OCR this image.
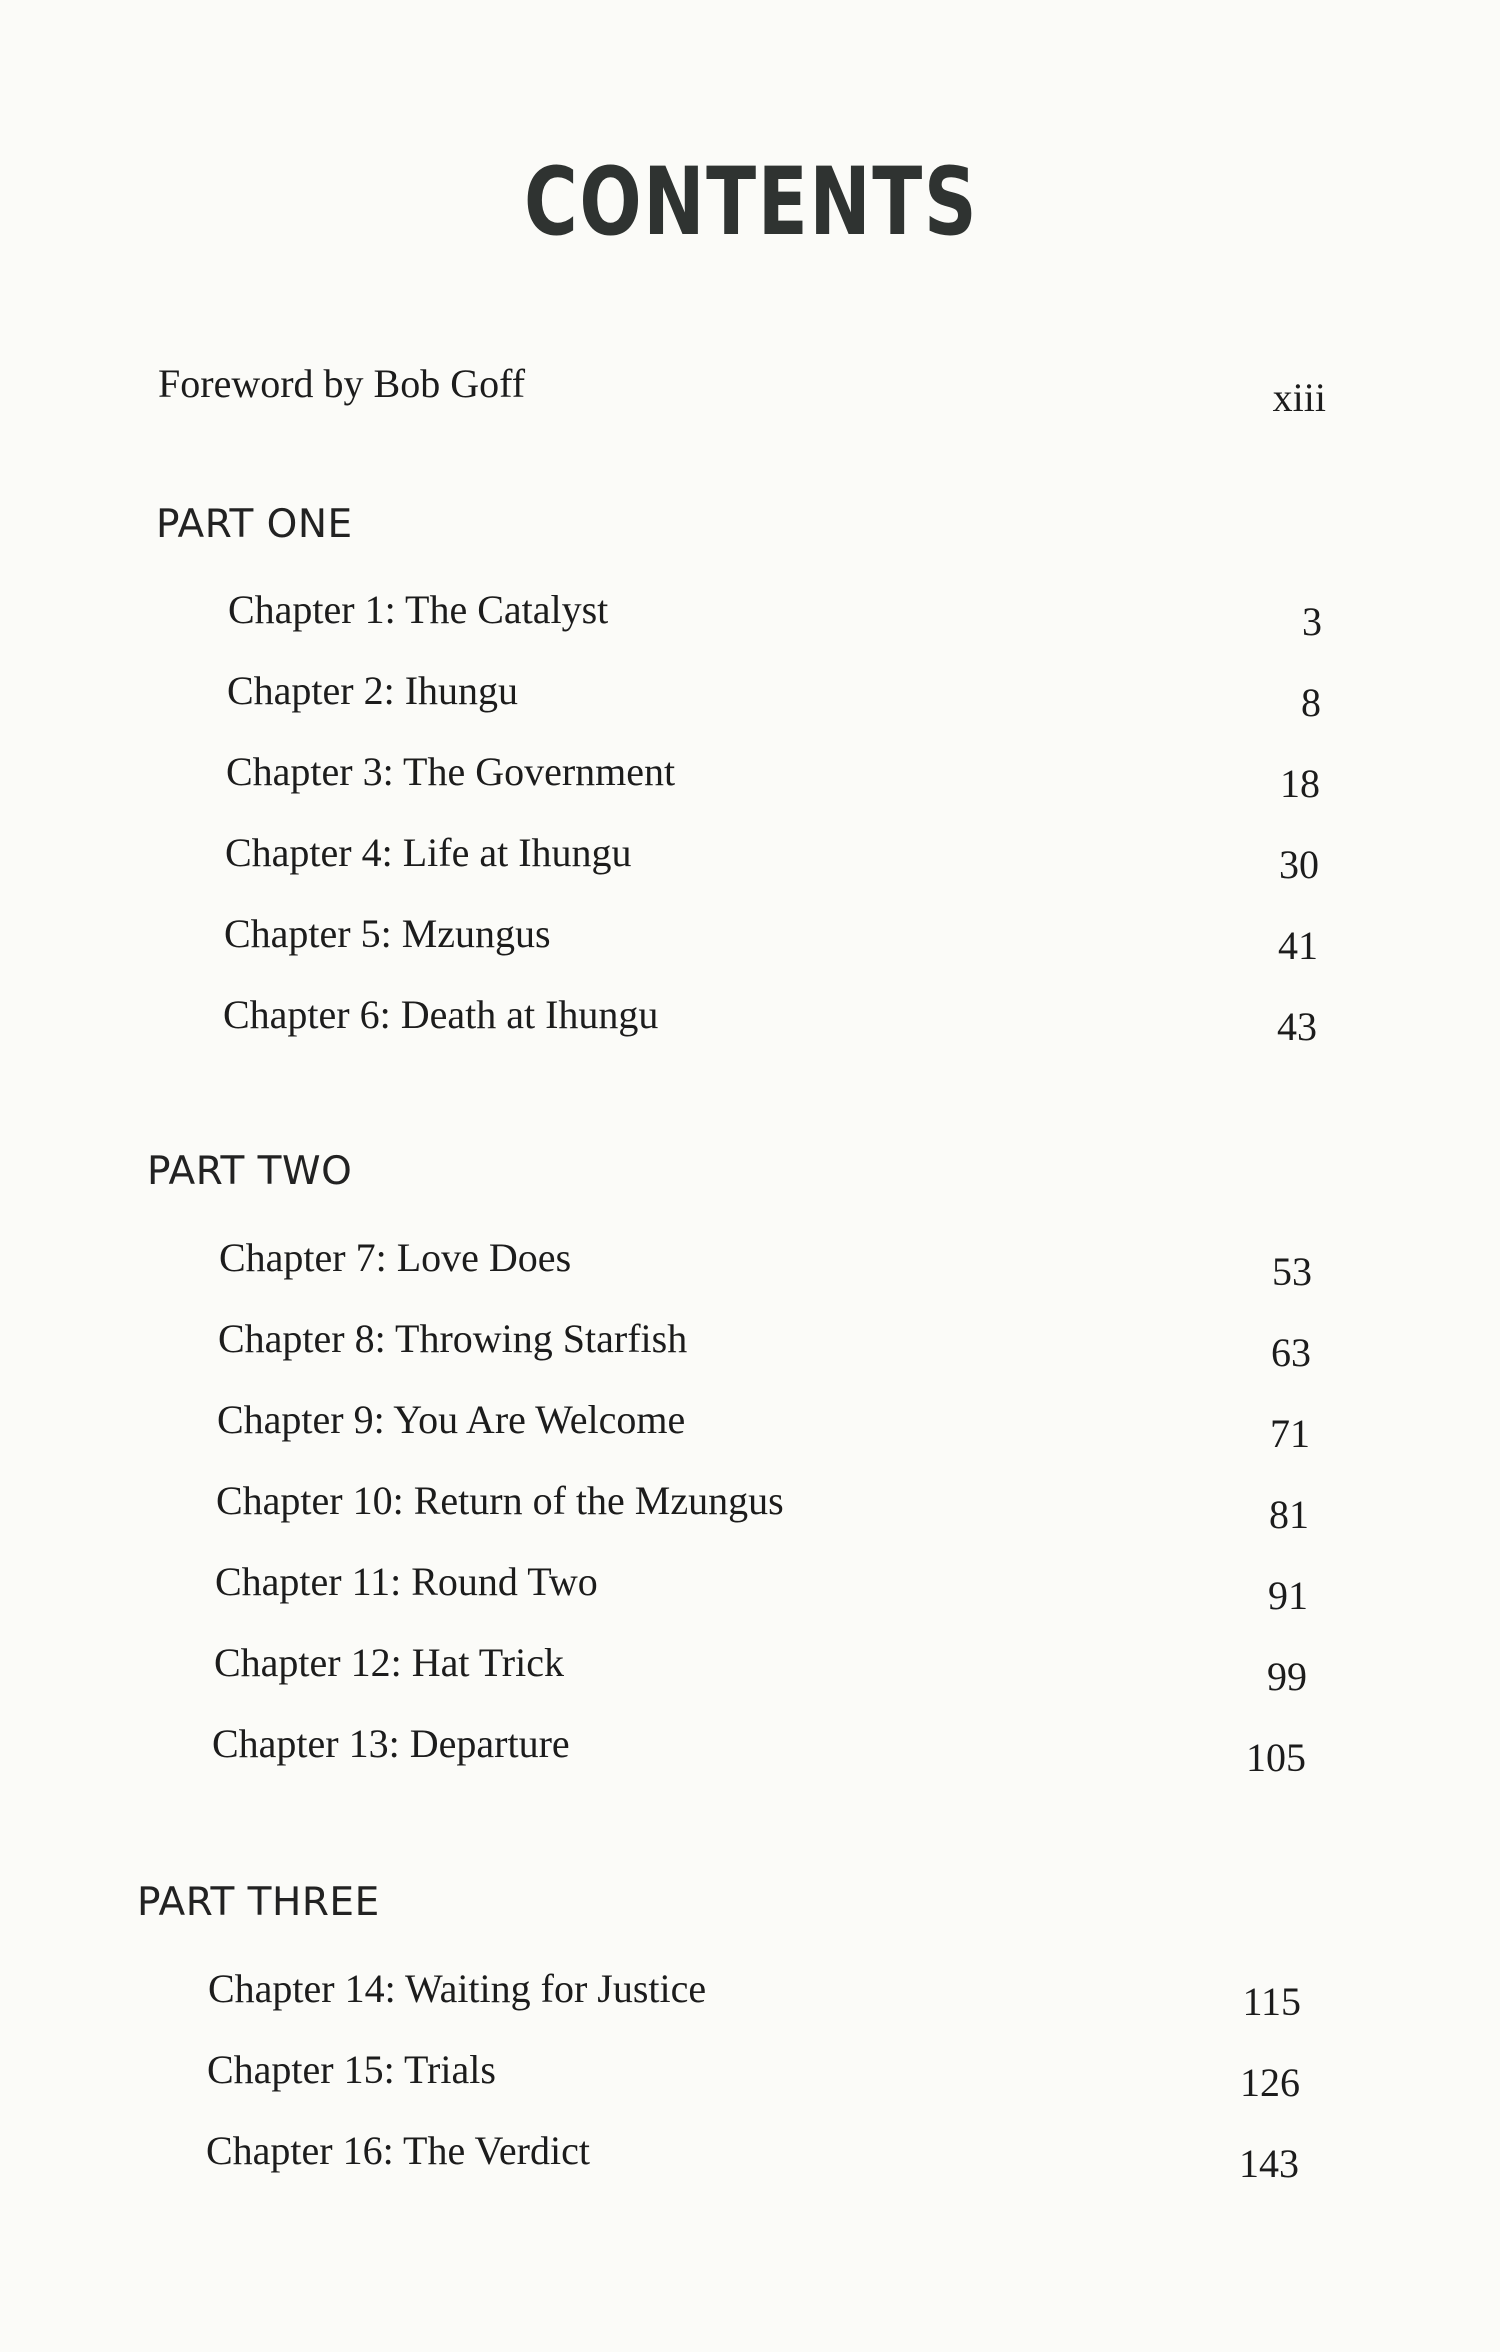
CONTENTS
Foreword by Bob Goff	xiii
PART ONE
Chapter 1: The Catalyst	3
Chapter 2: Ihungu	8
Chapter 3: The Government	18
Chapter 4: Life at Ihungu	30
Chapter 5: Mzungus	41
Chapter 6: Death at Ihungu	43
PART TWO
Chapter 7: Love Does	53
Chapter 8: Throwing Starfish	63
Chapter 9: You Are Welcome	71
Chapter 10: Return of the Mzungus	81
Chapter 11: Round Two	91
Chapter 12: Hat Trick	99
Chapter 13: Departure	105
PART THREE
Chapter 14: Waiting for Justice	115
Chapter 15: Trials	126
Chapter 16: The Verdict	143
